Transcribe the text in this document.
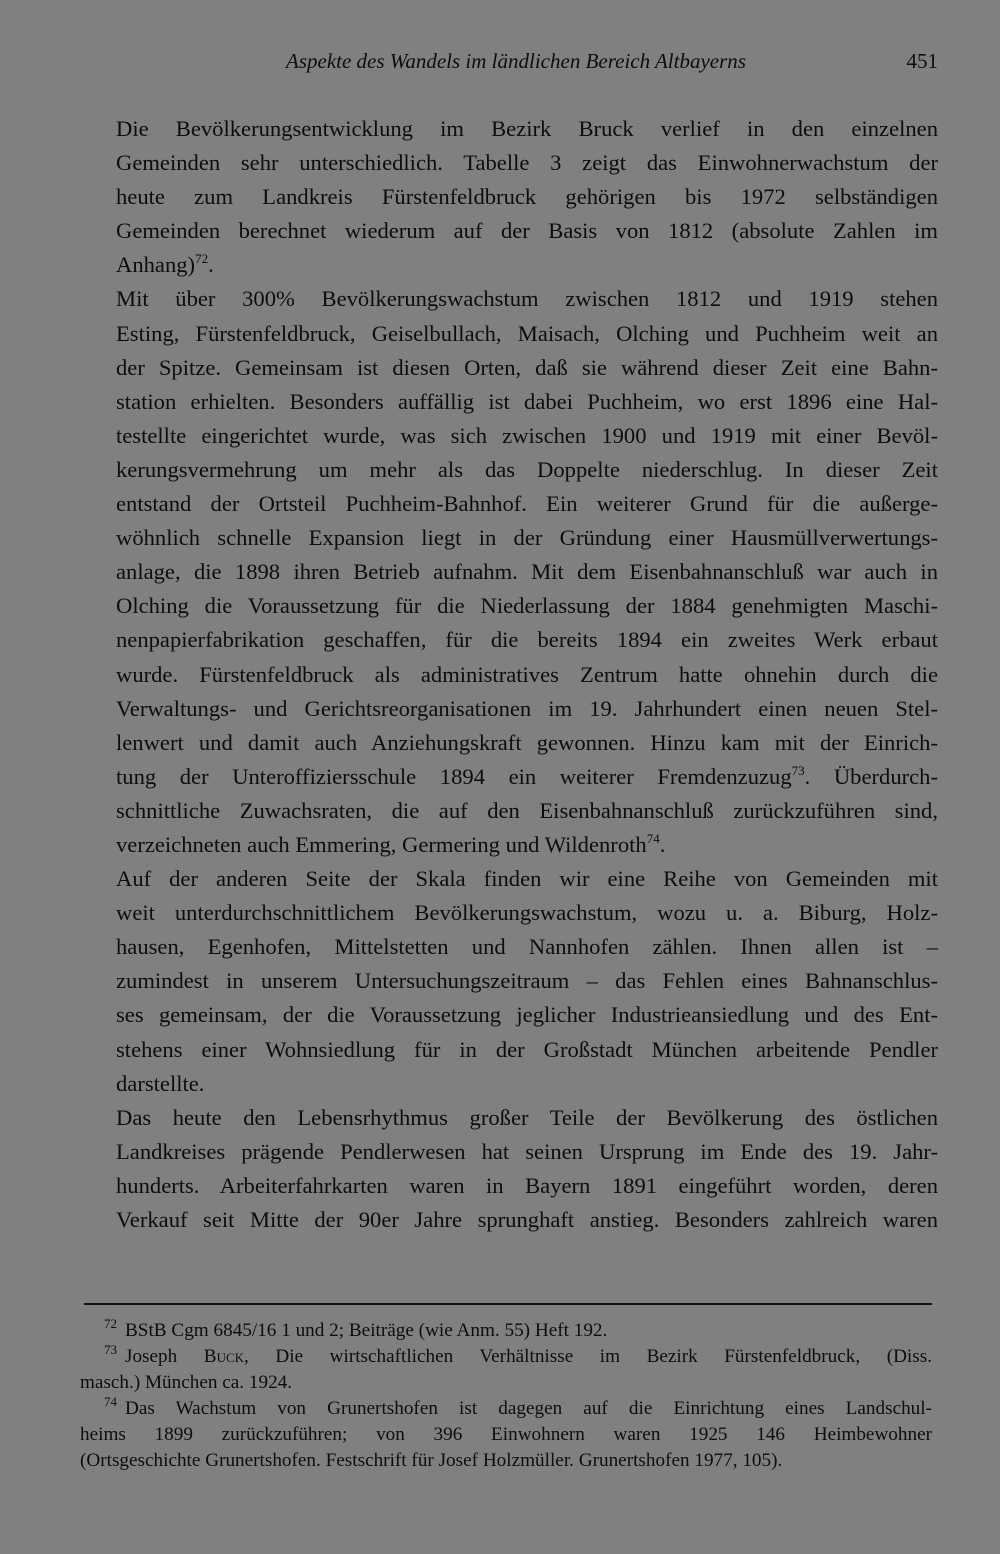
Aspekte des Wandels im ländlichen Bereich Altbayerns	451

Die Bevölkerungsentwicklung im Bezirk Bruck verlief in den einzelnen
Gemeinden sehr unterschiedlich. Tabelle 3 zeigt das Einwohnerwachstum der
heute zum Landkreis Fürstenfeldbruck gehörigen bis 1972 selbständigen
Gemeinden berechnet wiederum auf der Basis von 1812 (absolute Zahlen im
Anhang)$^{72}$.

Mit über 300% Bevölkerungswachstum zwischen 1812 und 1919 stehen
Esting, Fürstenfeldbruck, Geiselbullach, Maisach, Olching und Puchheim weit an
der Spitze. Gemeinsam ist diesen Orten, daß sie während dieser Zeit eine Bahn-
station erhielten. Besonders auffällig ist dabei Puchheim, wo erst 1896 eine Hal-
testellte eingerichtet wurde, was sich zwischen 1900 und 1919 mit einer Bevöl-
kerungsvermehrung um mehr als das Doppelte niederschlug. In dieser Zeit
entstand der Ortsteil Puchheim-Bahnhof. Ein weiterer Grund für die außerge-
wöhnlich schnelle Expansion liegt in der Gründung einer Hausmüllverwertungs-
anlage, die 1898 ihren Betrieb aufnahm. Mit dem Eisenbahnanschluß war auch in
Olching die Voraussetzung für die Niederlassung der 1884 genehmigten Maschi-
nenpapierfabrikation geschaffen, für die bereits 1894 ein zweites Werk erbaut
wurde. Fürstenfeldbruck als administratives Zentrum hatte ohnehin durch die
Verwaltungs- und Gerichtsreorganisationen im 19. Jahrhundert einen neuen Stel-
lenwert und damit auch Anziehungskraft gewonnen. Hinzu kam mit der Einrich-
tung der Unteroffiziersschule 1894 ein weiterer Fremdenzuzug$^{73}$. Überdurch-
schnittliche Zuwachsraten, die auf den Eisenbahnanschluß zurückzuführen sind,
verzeichneten auch Emmering, Germering und Wildenroth$^{74}$.

Auf der anderen Seite der Skala finden wir eine Reihe von Gemeinden mit
weit unterdurchschnittlichem Bevölkerungswachstum, wozu u. a. Biburg, Holz-
hausen, Egenhofen, Mittelstetten und Nannhofen zählen. Ihnen allen ist –
zumindest in unserem Untersuchungszeitraum – das Fehlen eines Bahnanschlus-
ses gemeinsam, der die Voraussetzung jeglicher Industrieansiedlung und des Ent-
stehens einer Wohnsiedlung für in der Großstadt München arbeitende Pendler
darstellte.

Das heute den Lebensrhythmus großer Teile der Bevölkerung des östlichen
Landkreises prägende Pendlerwesen hat seinen Ursprung im Ende des 19. Jahr-
hunderts. Arbeiterfahrkarten waren in Bayern 1891 eingeführt worden, deren
Verkauf seit Mitte der 90er Jahre sprunghaft anstieg. Besonders zahlreich waren

$^{72}$ BStB Cgm 6845/16 1 und 2; Beiträge (wie Anm. 55) Heft 192.
$^{73}$ Joseph Buck, Die wirtschaftlichen Verhältnisse im Bezirk Fürstenfeldbruck, (Diss.
masch.) München ca. 1924.
$^{74}$ Das Wachstum von Grunertshofen ist dagegen auf die Einrichtung eines Landschul-
heims 1899 zurückzuführen; von 396 Einwohnern waren 1925 146 Heimbewohner
(Ortsgeschichte Grunertshofen. Festschrift für Josef Holzmüller. Grunertshofen 1977, 105).
